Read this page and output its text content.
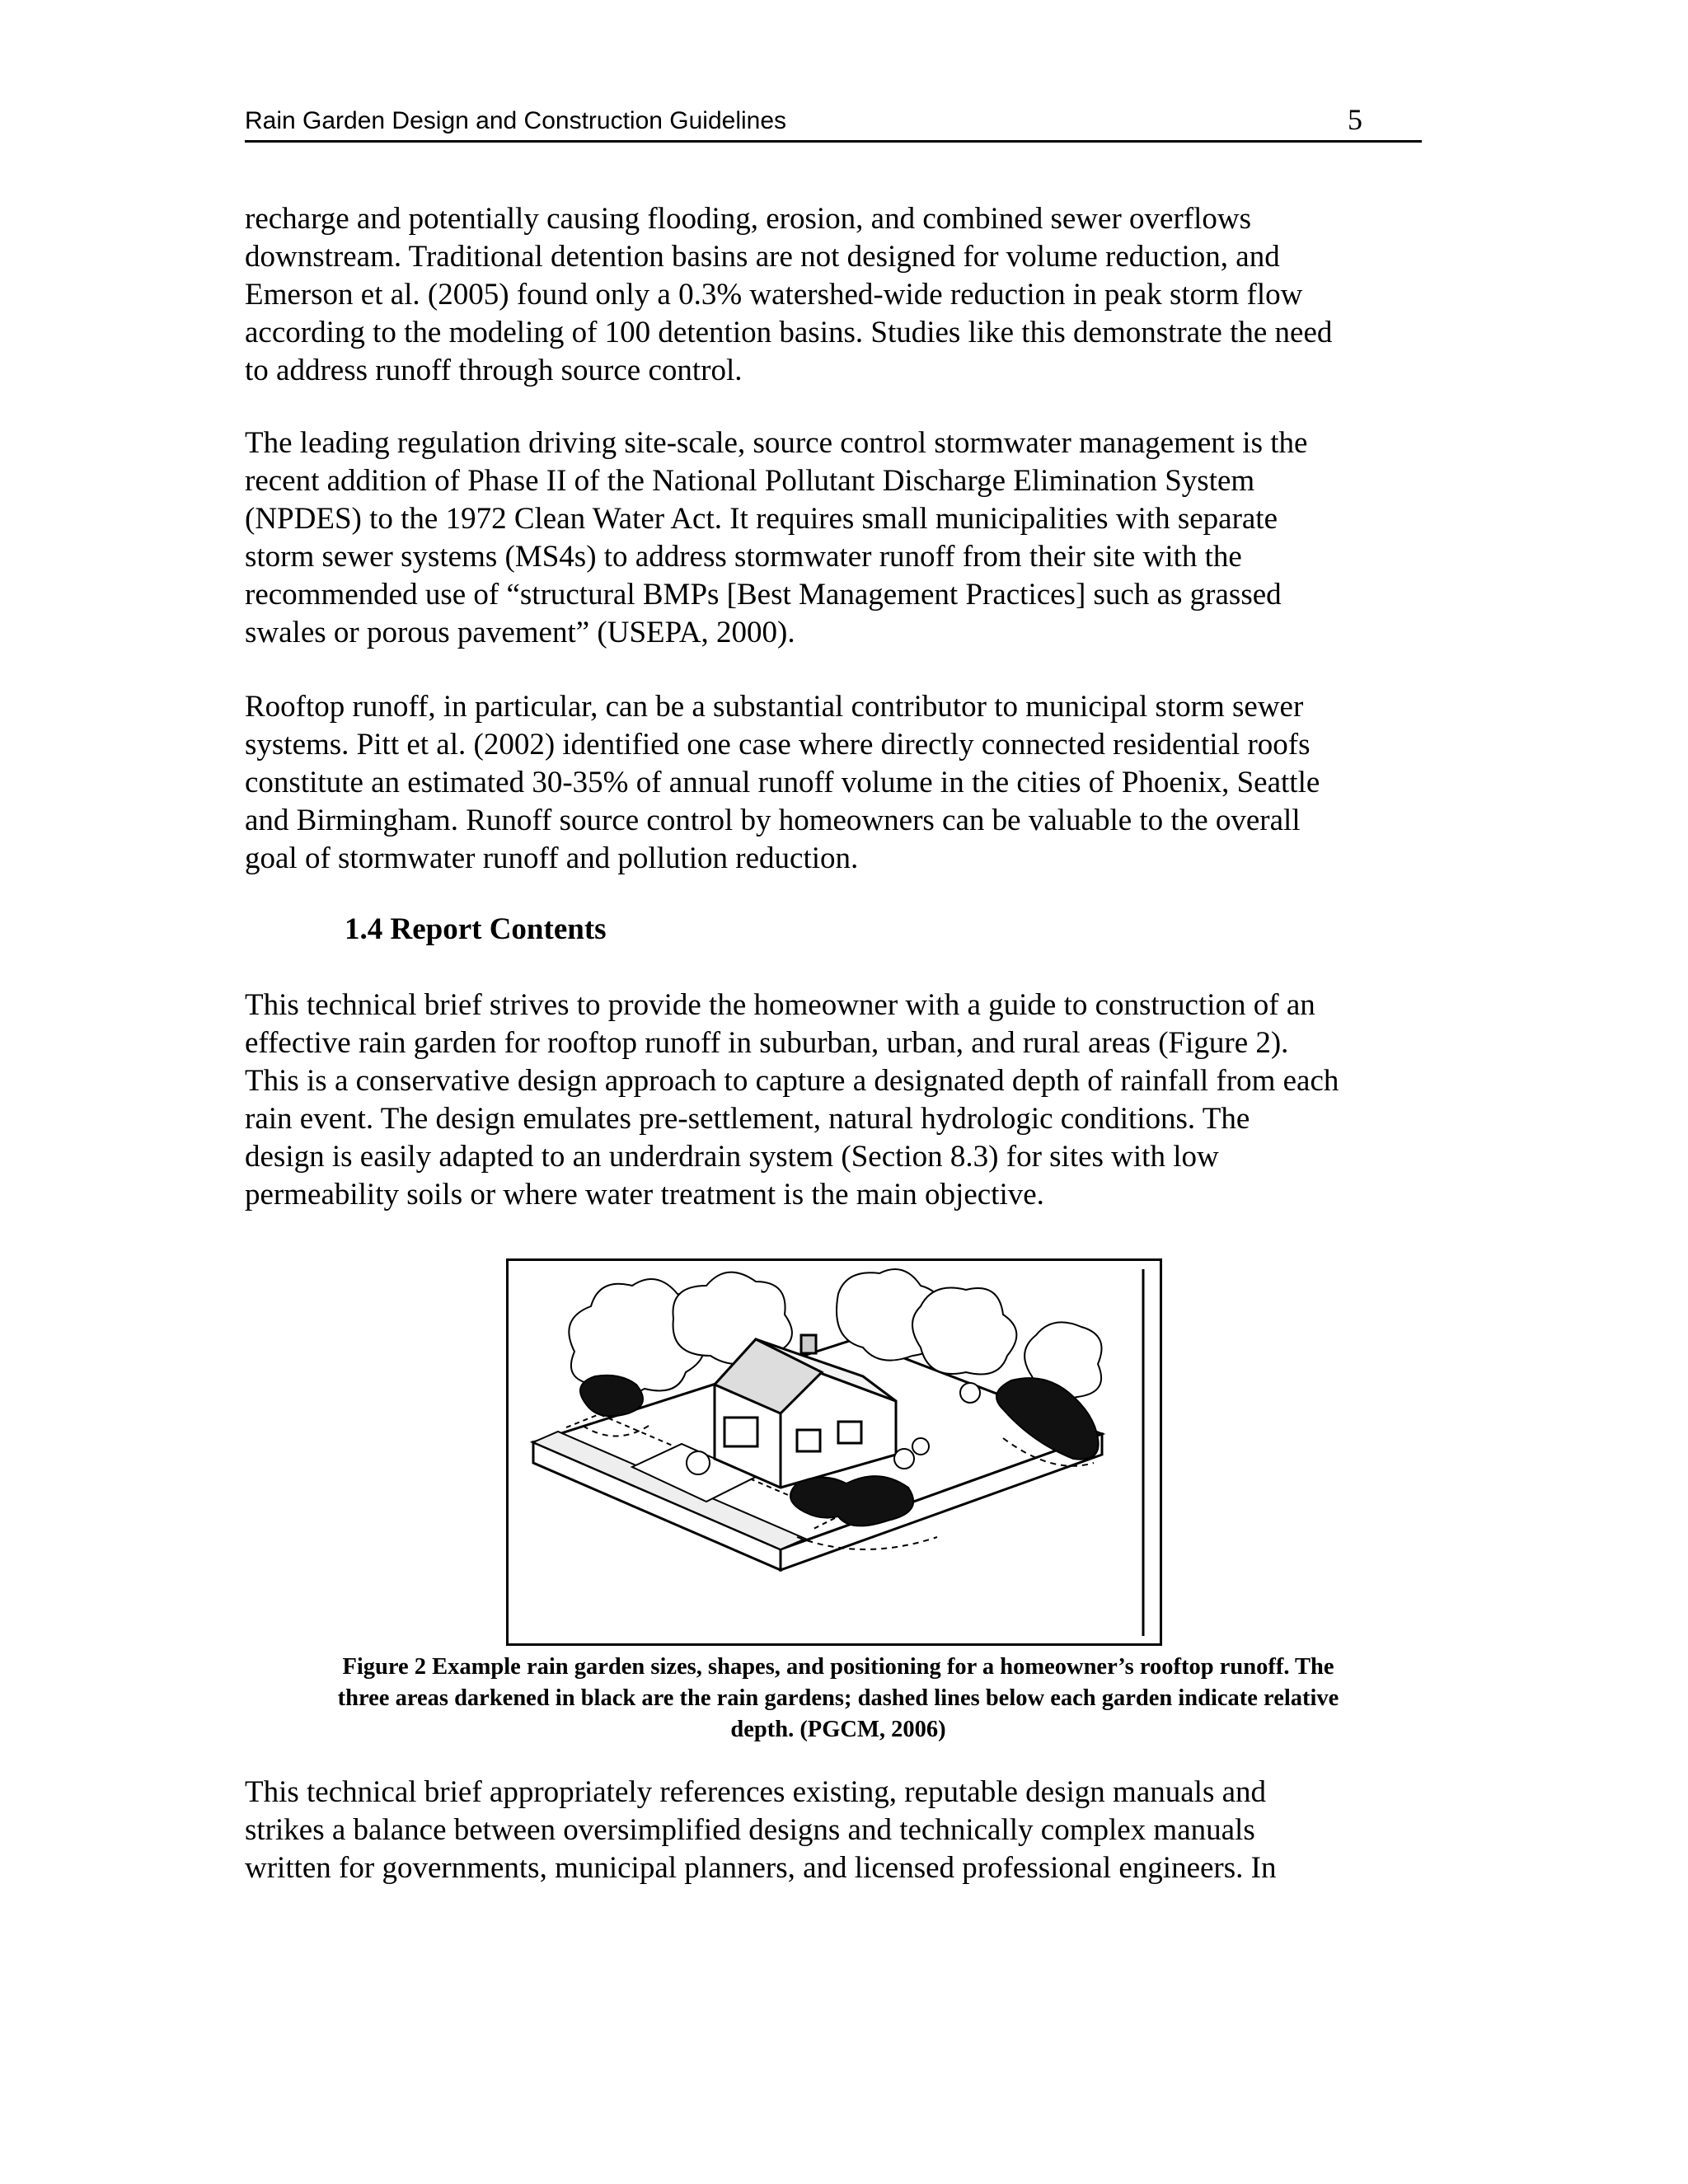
Rain Garden Design and Construction Guidelines	5

recharge and potentially causing flooding, erosion, and combined sewer overflows
downstream. Traditional detention basins are not designed for volume reduction, and
Emerson et al. (2005) found only a 0.3% watershed-wide reduction in peak storm flow
according to the modeling of 100 detention basins. Studies like this demonstrate the need
to address runoff through source control.

The leading regulation driving site-scale, source control stormwater management is the
recent addition of Phase II of the National Pollutant Discharge Elimination System
(NPDES) to the 1972 Clean Water Act. It requires small municipalities with separate
storm sewer systems (MS4s) to address stormwater runoff from their site with the
recommended use of “structural BMPs [Best Management Practices] such as grassed
swales or porous pavement” (USEPA, 2000).

Rooftop runoff, in particular, can be a substantial contributor to municipal storm sewer
systems. Pitt et al. (2002) identified one case where directly connected residential roofs
constitute an estimated 30-35% of annual runoff volume in the cities of Phoenix, Seattle
and Birmingham. Runoff source control by homeowners can be valuable to the overall
goal of stormwater runoff and pollution reduction.

1.4 Report Contents

This technical brief strives to provide the homeowner with a guide to construction of an
effective rain garden for rooftop runoff in suburban, urban, and rural areas (Figure 2).
This is a conservative design approach to capture a designated depth of rainfall from each
rain event. The design emulates pre-settlement, natural hydrologic conditions. The
design is easily adapted to an underdrain system (Section 8.3) for sites with low
permeability soils or where water treatment is the main objective.

Figure 2 Example rain garden sizes, shapes, and positioning for a homeowner’s rooftop runoff. The
three areas darkened in black are the rain gardens; dashed lines below each garden indicate relative
depth. (PGCM, 2006)

This technical brief appropriately references existing, reputable design manuals and
strikes a balance between oversimplified designs and technically complex manuals
written for governments, municipal planners, and licensed professional engineers. In
